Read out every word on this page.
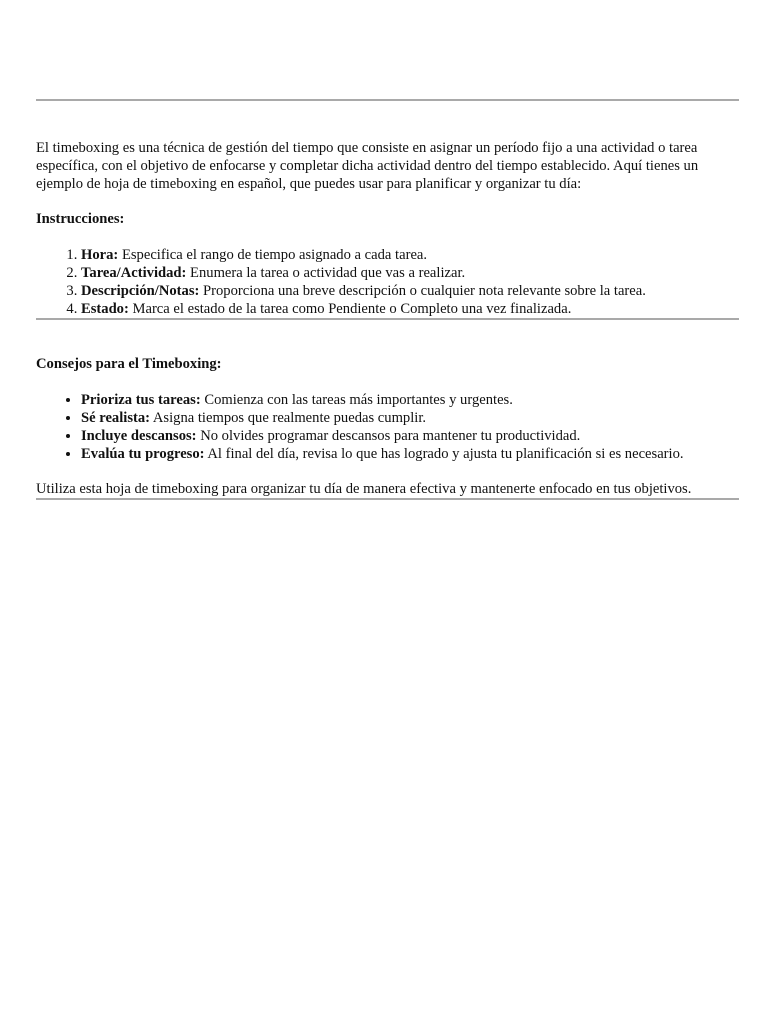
El timeboxing es una técnica de gestión del tiempo que consiste en asignar un período fijo a una actividad o tarea específica, con el objetivo de enfocarse y completar dicha actividad dentro del tiempo establecido. Aquí tienes un ejemplo de hoja de timeboxing en español, que puedes usar para planificar y organizar tu día:

Instrucciones:

1. Hora: Especifica el rango de tiempo asignado a cada tarea.
2. Tarea/Actividad: Enumera la tarea o actividad que vas a realizar.
3. Descripción/Notas: Proporciona una breve descripción o cualquier nota relevante sobre la tarea.
4. Estado: Marca el estado de la tarea como Pendiente o Completo una vez finalizada.

Consejos para el Timeboxing:

• Prioriza tus tareas: Comienza con las tareas más importantes y urgentes.
• Sé realista: Asigna tiempos que realmente puedas cumplir.
• Incluye descansos: No olvides programar descansos para mantener tu productividad.
• Evalúa tu progreso: Al final del día, revisa lo que has logrado y ajusta tu planificación si es necesario.

Utiliza esta hoja de timeboxing para organizar tu día de manera efectiva y mantenerte enfocado en tus objetivos.
